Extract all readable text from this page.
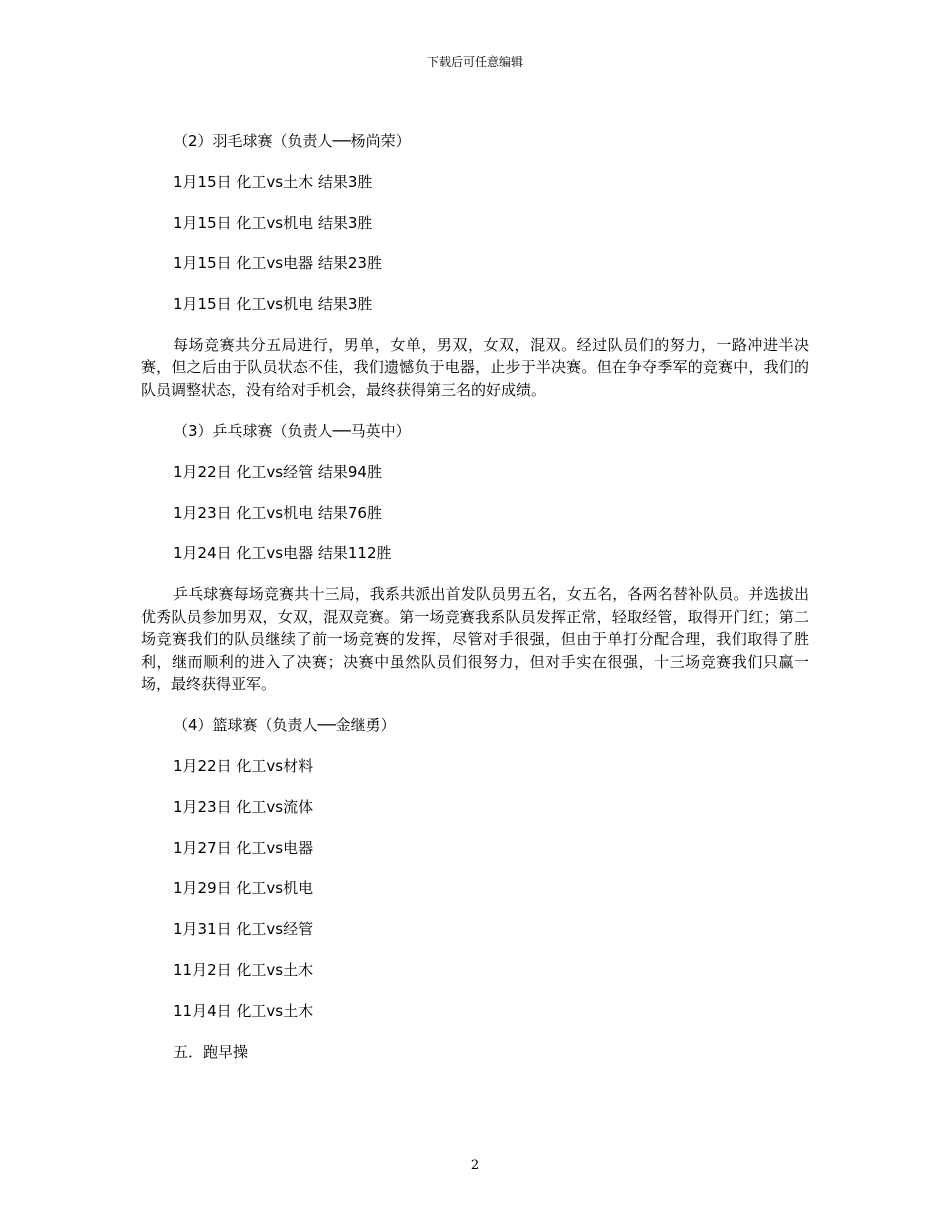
下载后可任意编辑
（2）羽毛球赛（负责人──杨尚荣）
1月15日 化工vs土木 结果3胜
1月15日 化工vs机电 结果3胜
1月15日 化工vs电器 结果23胜
1月15日 化工vs机电 结果3胜
每场竞赛共分五局进行，男单，女单，男双，女双，混双。经过队员们的努力，一路冲进半决赛，但之后由于队员状态不佳，我们遗憾负于电器，止步于半决赛。但在争夺季军的竞赛中，我们的队员调整状态，没有给对手机会，最终获得第三名的好成绩。
（3）乒乓球赛（负责人──马英中）
1月22日 化工vs经管 结果94胜
1月23日 化工vs机电 结果76胜
1月24日 化工vs电器 结果112胜
乒乓球赛每场竞赛共十三局，我系共派出首发队员男五名，女五名，各两名替补队员。并选拔出优秀队员参加男双，女双，混双竞赛。第一场竞赛我系队员发挥正常，轻取经管，取得开门红；第二场竞赛我们的队员继续了前一场竞赛的发挥，尽管对手很强，但由于单打分配合理，我们取得了胜利，继而顺利的进入了决赛；决赛中虽然队员们很努力，但对手实在很强，十三场竞赛我们只赢一场，最终获得亚军。
（4）篮球赛（负责人──金继勇）
1月22日 化工vs材料
1月23日 化工vs流体
1月27日 化工vs电器
1月29日 化工vs机电
1月31日 化工vs经管
11月2日 化工vs土木
11月4日 化工vs土木
五．跑早操
2
